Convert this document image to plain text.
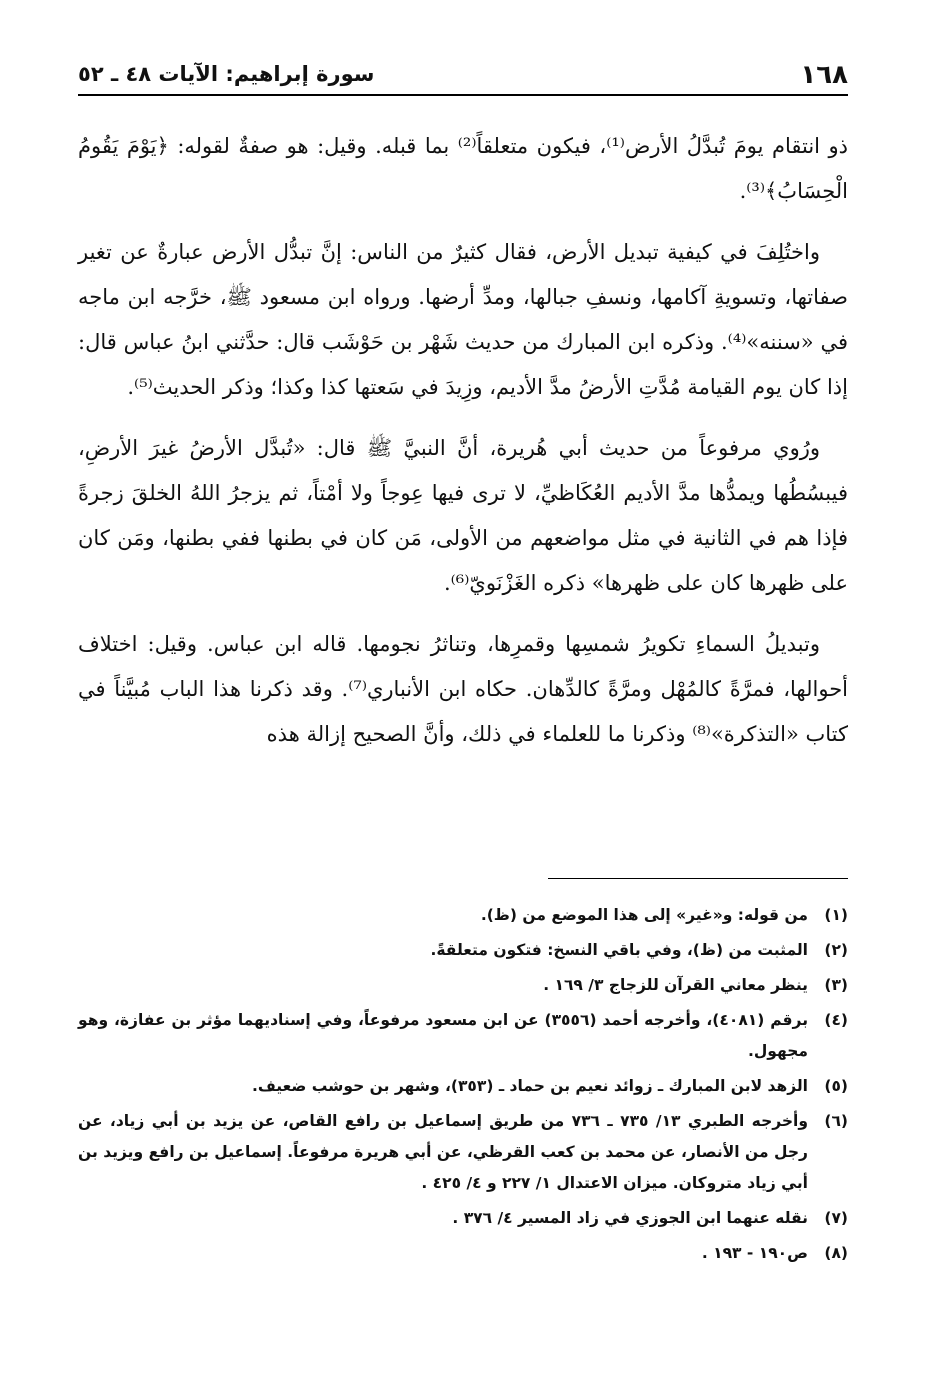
١٦٨
سورة إبراهيم: الآيات ٤٨ ـ ٥٢

ذو انتقام يومَ تُبدَّلُ الأرض⁽¹⁾، فيكون متعلقاً⁽²⁾ بما قبله. وقيل: هو صفةٌ لقوله: ﴿يَوْمَ يَقُومُ الْحِسَابُ﴾⁽³⁾.

واختُلِفَ في كيفية تبديل الأرض، فقال كثيرٌ من الناس: إنَّ تبدُّل الأرض عبارةٌ عن تغير صفاتها، وتسويةِ آكامها، ونسفِ جبالها، ومدِّ أرضها. ورواه ابن مسعود ﷺ، خرَّجه ابن ماجه في «سننه»⁽⁴⁾. وذكره ابن المبارك من حديث شَهْر بن حَوْشَب قال: حدَّثني ابنُ عباس قال: إذا كان يوم القيامة مُدَّتِ الأرضُ مدَّ الأديم، وزِيدَ في سَعتها كذا وكذا؛ وذكر الحديث⁽⁵⁾.

ورُوي مرفوعاً من حديث أبي هُريرة، أنَّ النبيَّ ﷺ قال: «تُبدَّل الأرضُ غيرَ الأرضِ، فيبسُطُها ويمدُّها مدَّ الأديم العُكَاظيِّ، لا ترى فيها عِوجاً ولا أمْتاً، ثم يزجرُ اللهُ الخلقَ زجرةً فإذا هم في الثانية في مثل مواضعهم من الأولى، مَن كان في بطنها ففي بطنها، ومَن كان على ظهرها كان على ظهرها» ذكره الغَزْنَويّ⁽⁶⁾.

وتبديلُ السماءِ تكويرُ شمسِها وقمرِها، وتناثرُ نجومها. قاله ابن عباس. وقيل: اختلاف أحوالها، فمرَّةً كالمُهْل ومرَّةً كالدِّهان. حكاه ابن الأنباري⁽⁷⁾. وقد ذكرنا هذا الباب مُبيَّناً في كتاب «التذكرة»⁽⁸⁾ وذكرنا ما للعلماء في ذلك، وأنَّ الصحيح إزالة هذه

(١)
من قوله: و«غير» إلى هذا الموضع من (ظ).
(٢)
المثبت من (ظ)، وفي باقي النسخ: فتكون متعلقةً.
(٣)
ينظر معاني القرآن للزجاج ٣/ ١٦٩ .
(٤)
برقم (٤٠٨١)، وأخرجه أحمد (٣٥٥٦) عن ابن مسعود مرفوعاً، وفي إسناديهما مؤثر بن عفازة، وهو مجهول.
(٥)
الزهد لابن المبارك ـ زوائد نعيم بن حماد ـ (٣٥٣)، وشهر بن حوشب ضعيف.
(٦)
وأخرجه الطبري ١٣/ ٧٣٥ ـ ٧٣٦ من طريق إسماعيل بن رافع القاص، عن يزيد بن أبي زياد، عن رجل من الأنصار، عن محمد بن كعب القرظي، عن أبي هريرة مرفوعاً. إسماعيل بن رافع ويزيد بن أبي زياد متروكان. ميزان الاعتدال ١/ ٢٢٧ و ٤/ ٤٢٥ .
(٧)
نقله عنهما ابن الجوزي في زاد المسير ٤/ ٣٧٦ .
(٨)
ص١٩٠ - ١٩٣ .
